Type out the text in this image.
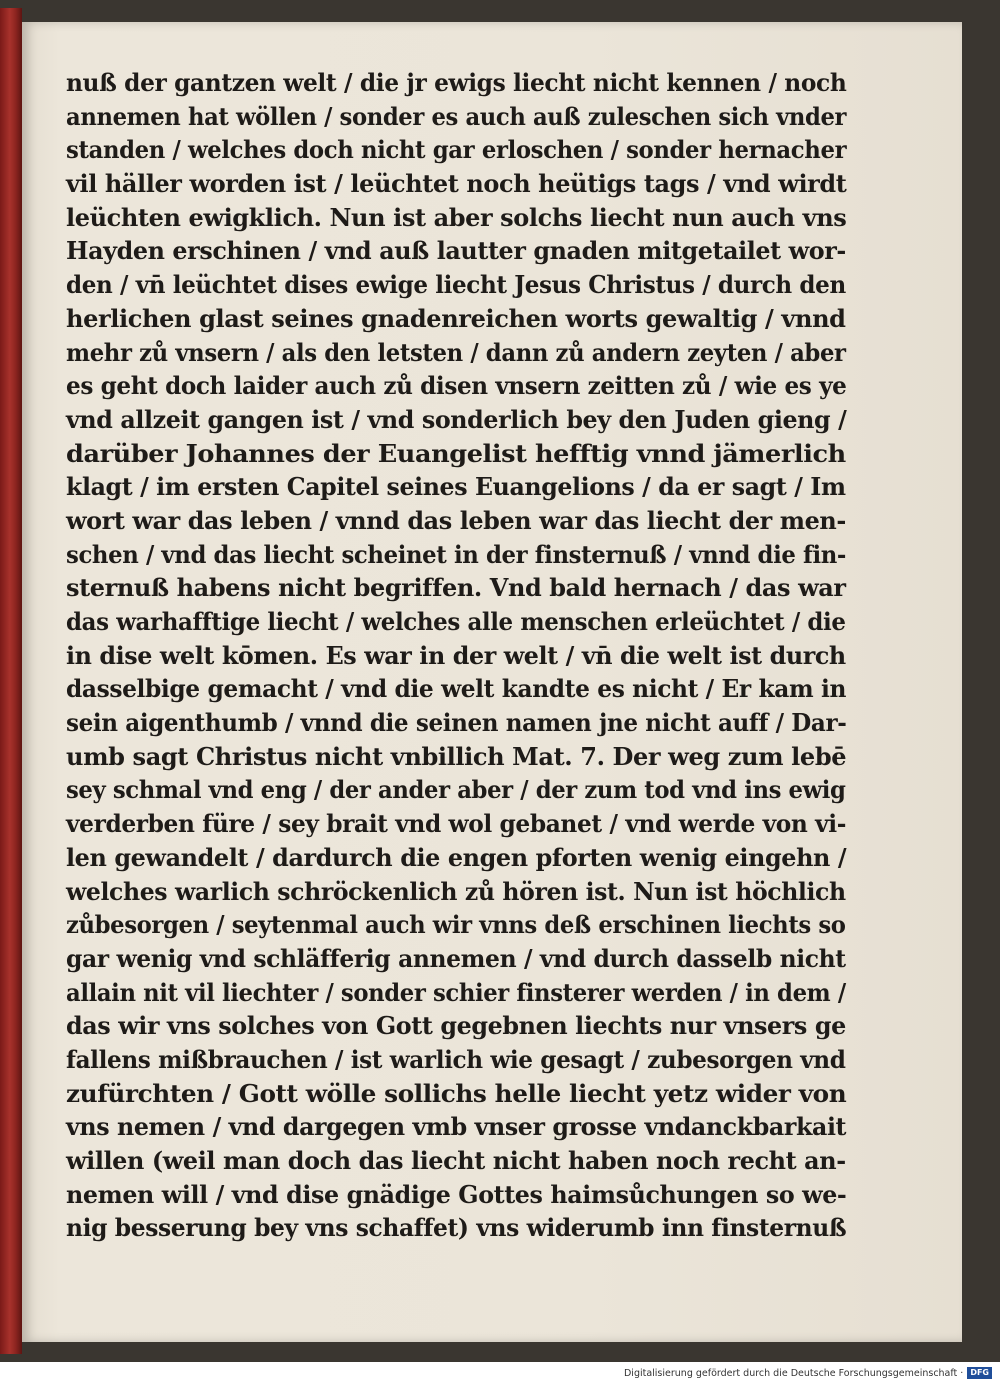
nuß der gantzen welt / die jr ewigs liecht nicht kennen / noch
annemen hat wöllen / sonder es auch auß zuleschen sich vnder
standen / welches doch nicht gar erloschen / sonder hernacher
vil häller worden ist / leüchtet noch heütigs tags / vnd wirdt
leüchten ewigklich. Nun ist aber solchs liecht nun auch vns
Hayden erschinen / vnd auß lautter gnaden mitgetailet wor-
den / vn̄ leüchtet dises ewige liecht Jesus Christus / durch den
herlichen glast seines gnadenreichen worts gewaltig / vnnd
mehr zů vnsern / als den letsten / dann zů andern zeyten / aber
es geht doch laider auch zů disen vnsern zeitten zů / wie es ye
vnd allzeit gangen ist / vnd sonderlich bey den Juden gieng /
darüber Johannes der Euangelist hefftig vnnd jämerlich
klagt / im ersten Capitel seines Euangelions / da er sagt / Im
wort war das leben / vnnd das leben war das liecht der men-
schen / vnd das liecht scheinet in der finsternuß / vnnd die fin-
sternuß habens nicht begriffen. Vnd bald hernach / das war
das warhafftige liecht / welches alle menschen erleüchtet / die
in dise welt kōmen. Es war in der welt / vn̄ die welt ist durch
dasselbige gemacht / vnd die welt kandte es nicht / Er kam in
sein aigenthumb / vnnd die seinen namen jne nicht auff / Dar-
umb sagt Christus nicht vnbillich Mat. 7. Der weg zum lebē
sey schmal vnd eng / der ander aber / der zum tod vnd ins ewig
verderben füre / sey brait vnd wol gebanet / vnd werde von vi-
len gewandelt / dardurch die engen pforten wenig eingehn /
welches warlich schröckenlich zů hören ist. Nun ist höchlich
zůbesorgen / seytenmal auch wir vnns deß erschinen liechts so
gar wenig vnd schläfferig annemen / vnd durch dasselb nicht
allain nit vil liechter / sonder schier finsterer werden / in dem /
das wir vns solches von Gott gegebnen liechts nur vnsers ge
fallens mißbrauchen / ist warlich wie gesagt / zubesorgen vnd
zufürchten / Gott wölle sollichs helle liecht yetz wider von
vns nemen / vnd dargegen vmb vnser grosse vndanckbarkait
willen (weil man doch das liecht nicht haben noch recht an-
nemen will / vnd dise gnädige Gottes haimsůchungen so we-
nig besserung bey vns schaffet) vns widerumb inn finsternuß
Digitalisierung gefördert durch die Deutsche Forschungsgemeinschaft · DFG
